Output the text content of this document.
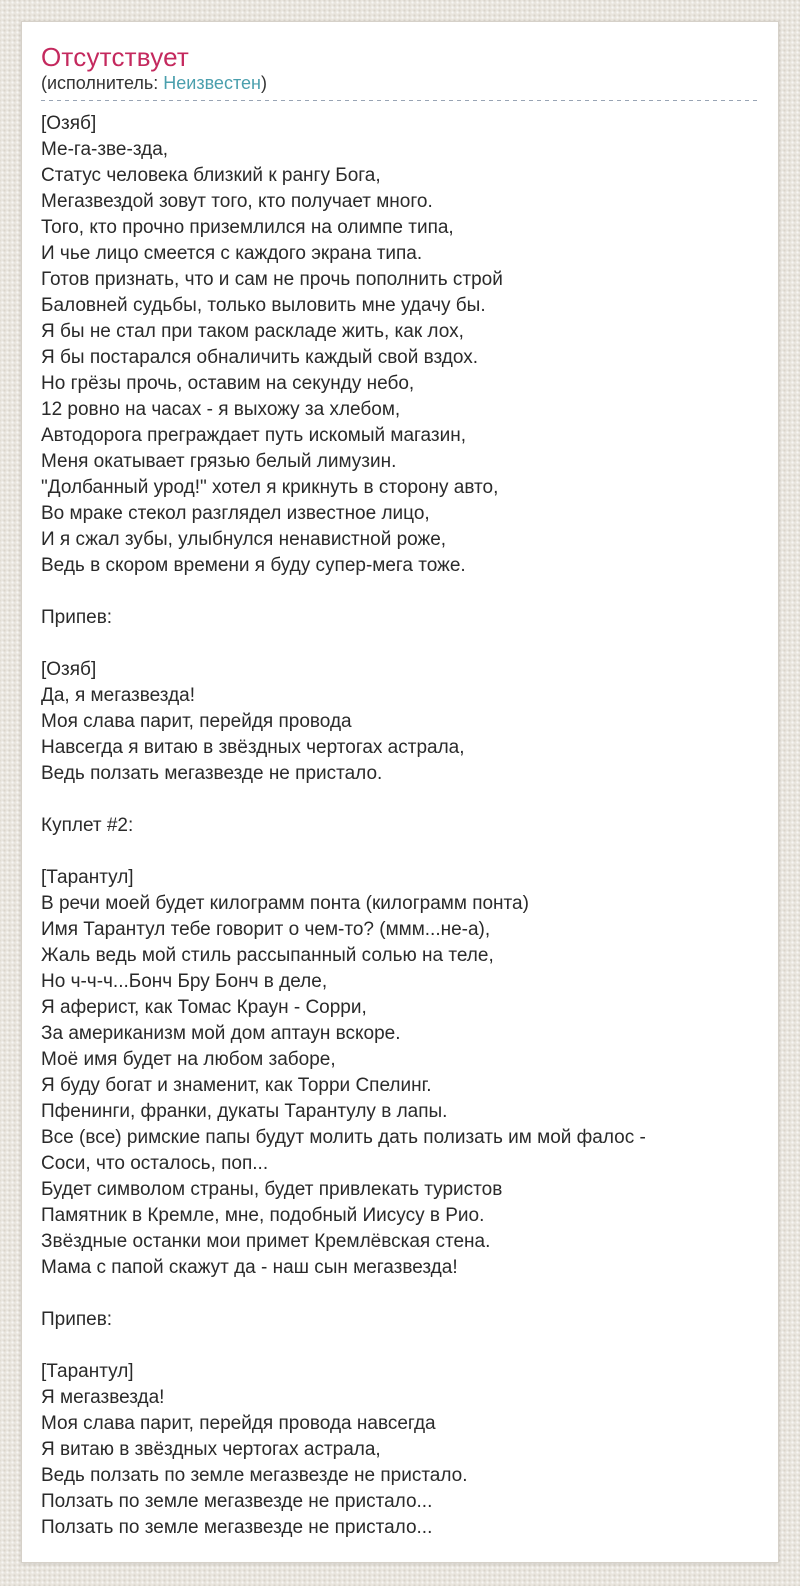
Отсутствует
(исполнитель: Неизвестен)
[Озяб]
Ме-га-зве-зда,
Статус человека близкий к рангу Бога,
Мегазвездой зовут того, кто получает много.
Того, кто прочно приземлился на олимпе типа,
И чье лицо смеется с каждого экрана типа.
Готов признать, что и сам не прочь пополнить строй
Баловней судьбы, только выловить мне удачу бы.
Я бы не стал при таком раскладе жить, как лох,
Я бы постарался обналичить каждый свой вздох.
Но грёзы прочь, оставим на секунду небо,
12 ровно на часах - я выхожу за хлебом,
Автодорога преграждает путь искомый магазин,
Меня окатывает грязью белый лимузин.
"Долбанный урод!" хотел я крикнуть в сторону авто,
Во мраке стекол разглядел известное лицо,
И я сжал зубы, улыбнулся ненавистной роже,
Ведь в скором времени я буду супер-мега тоже.
Припев:
[Озяб]
Да, я мегазвезда!
Моя слава парит, перейдя провода
Навсегда я витаю в звёздных чертогах астрала,
Ведь ползать мегазвезде не пристало.
Куплет #2:
[Тарантул]
В речи моей будет килограмм понта (килограмм понта)
Имя Тарантул тебе говорит о чем-то? (ммм...не-а),
Жаль ведь мой стиль рассыпанный солью на теле,
Но ч-ч-ч...Бонч Бру Бонч в деле,
Я аферист, как Томас Краун - Сорри,
За американизм мой дом аптаун вскоре.
Моё имя будет на любом заборе,
Я буду богат и знаменит, как Торри Спелинг.
Пфенинги, франки, дукаты Тарантулу в лапы.
Все (все) римские папы будут молить дать полизать им мой фалос -
Соси, что осталось, поп...
Будет символом страны, будет привлекать туристов
Памятник в Кремле, мне, подобный Иисусу в Рио.
Звёздные останки мои примет Кремлёвская стена.
Мама с папой скажут да - наш сын мегазвезда!
Припев:
[Тарантул]
Я мегазвезда!
Моя слава парит, перейдя провода навсегда
Я витаю в звёздных чертогах астрала,
Ведь ползать по земле мегазвезде не пристало.
Ползать по земле мегазвезде не пристало...
Ползать по земле мегазвезде не пристало...
